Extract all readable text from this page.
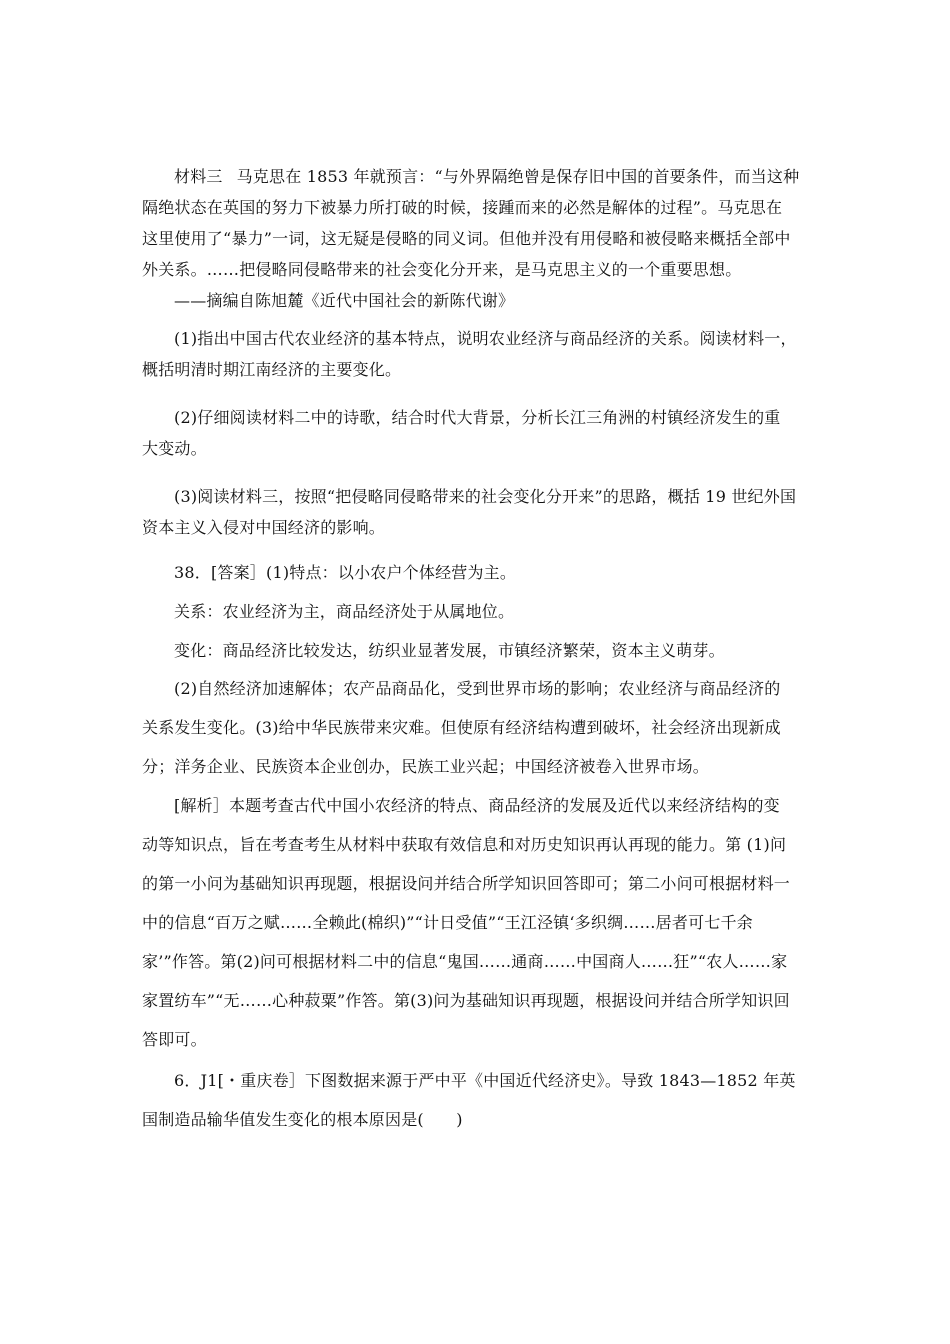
材料三 马克思在 1853 年就预言：“与外界隔绝曾是保存旧中国的首要条件，而当这种

隔绝状态在英国的努力下被暴力所打破的时候，接踵而来的必然是解体的过程”。马克思在

这里使用了“暴力”一词，这无疑是侵略的同义词。但他并没有用侵略和被侵略来概括全部中

外关系。……把侵略同侵略带来的社会变化分开来，是马克思主义的一个重要思想。

——摘编自陈旭麓《近代中国社会的新陈代谢》

(1)指出中国古代农业经济的基本特点，说明农业经济与商品经济的关系。阅读材料一，

概括明清时期江南经济的主要变化。

(2)仔细阅读材料二中的诗歌，结合时代大背景，分析长江三角洲的村镇经济发生的重

大变动。

(3)阅读材料三，按照“把侵略同侵略带来的社会变化分开来”的思路，概括 19 世纪外国

资本主义入侵对中国经济的影响。

38．[答案］(1)特点：以小农户个体经营为主。

关系：农业经济为主，商品经济处于从属地位。

变化：商品经济比较发达，纺织业显著发展，市镇经济繁荣，资本主义萌芽。

(2)自然经济加速解体；农产品商品化，受到世界市场的影响；农业经济与商品经济的

关系发生变化。(3)给中华民族带来灾难。但使原有经济结构遭到破坏，社会经济出现新成

分；洋务企业、民族资本企业创办，民族工业兴起；中国经济被卷入世界市场。

[解析］本题考查古代中国小农经济的特点、商品经济的发展及近代以来经济结构的变

动等知识点，旨在考查考生从材料中获取有效信息和对历史知识再认再现的能力。第 (1)问

的第一小问为基础知识再现题，根据设问并结合所学知识回答即可；第二小问可根据材料一

中的信息“百万之赋……全赖此(棉织)”“计日受值”“王江泾镇‘多织绸……居者可七千余

家’”作答。第(2)问可根据材料二中的信息“鬼国……通商……中国商人……狂”“农人……家

家置纺车”“无……心种菽粟”作答。第(3)问为基础知识再现题，根据设问并结合所学知识回

答即可。

6．J1[・重庆卷］下图数据来源于严中平《中国近代经济史》。导致 1843—1852 年英

国制造品输华值发生变化的根本原因是(　　)
